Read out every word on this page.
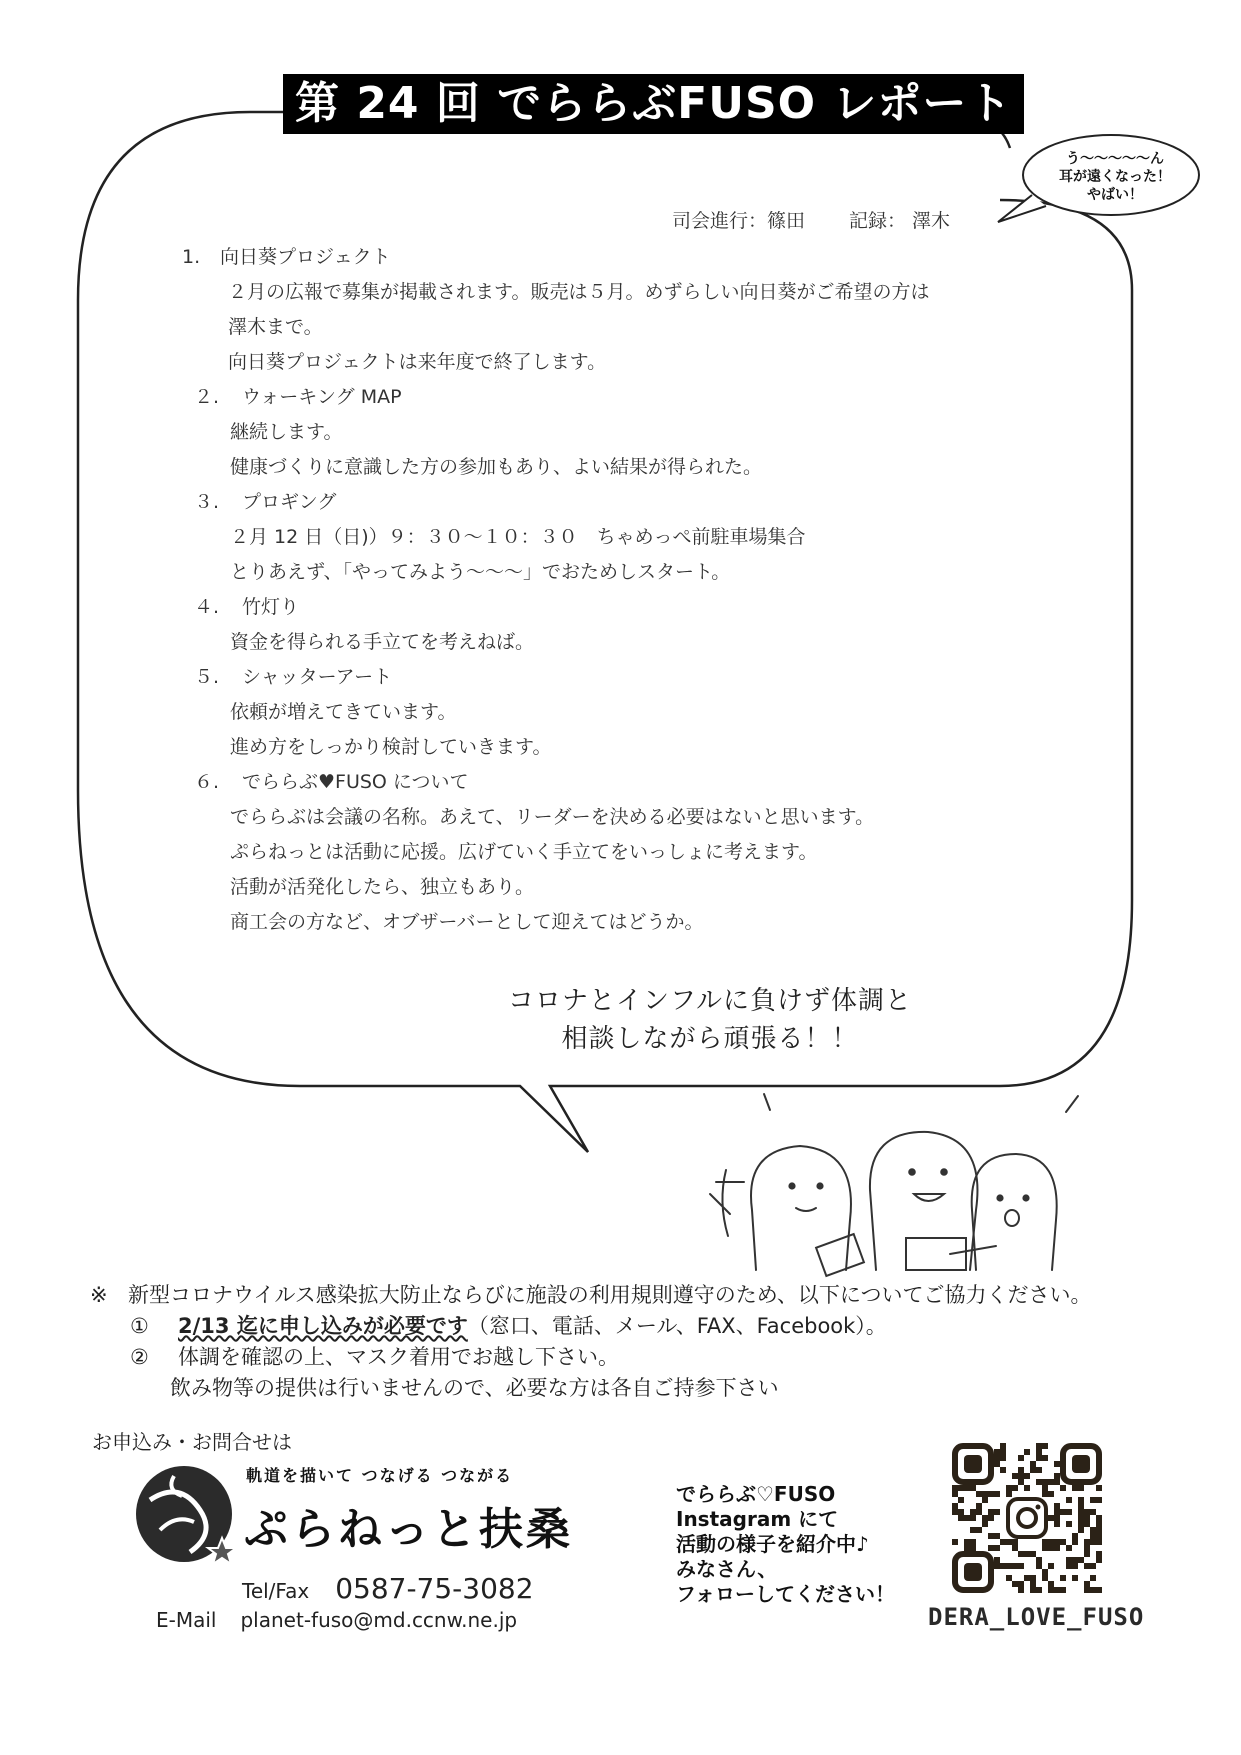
第 24 回 でららぶFUSO レポート
う～～～～～ん
耳が遠くなった！
やばい！
司会進行：篠田 記録： 澤木
1. 向日葵プロジェクト
２月の広報で募集が掲載されます。販売は５月。めずらしい向日葵がご希望の方は
澤木まで。
向日葵プロジェクトは来年度で終了します。
２. ウォーキング MAP
継続します。
健康づくりに意識した方の参加もあり、よい結果が得られた。
３. プロギング
２月 12 日（日)）９：３０～１０：３０　ちゃめっぺ前駐車場集合
とりあえず、「やってみよう～～～」でおためしスタート。
４. 竹灯り
資金を得られる手立てを考えねば。
５. シャッターアート
依頼が増えてきています。
進め方をしっかり検討していきます。
６. でららぶ♥FUSO について
でららぶは会議の名称。あえて、リーダーを決める必要はないと思います。
ぷらねっとは活動に応援。広げていく手立てをいっしょに考えます。
活動が活発化したら、独立もあり。
商工会の方など、オブザーバーとして迎えてはどうか。
コロナとインフルに負けず体調と
相談しながら頑張る！！
※ 新型コロナウイルス感染拡大防止ならびに施設の利用規則遵守のため、以下についてご協力ください。
① 2/13 迄に申し込みが必要です（窓口、電話、メール、FAX、Facebook）。
② 体調を確認の上、マスク着用でお越し下さい。
飲み物等の提供は行いませんので、必要な方は各自ご持参下さい
お申込み・お問合せは
軌道を描いて つなげる つながる
ぷらねっと扶桑
Tel/Fax 0587-75-3082
E-Mail planet-fuso@md.ccnw.ne.jp
でららぶ♡FUSO
Instagram にて
活動の様子を紹介中♪
みなさん、
フォローしてください！
DERA_LOVE_FUSO
